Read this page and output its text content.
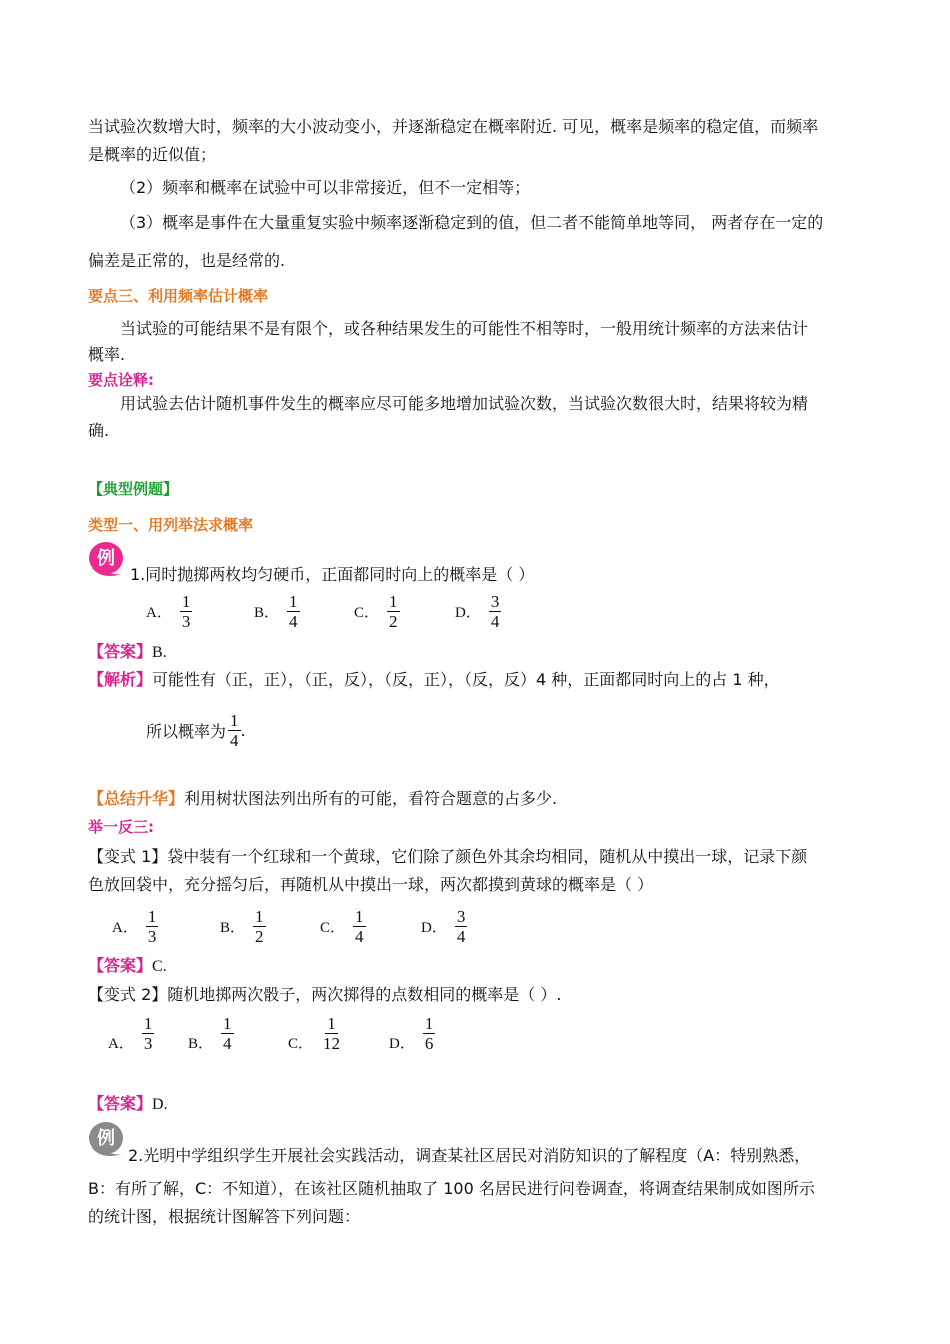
当试验次数增大时，频率的大小波动变小，并逐渐稳定在概率附近. 可见，概率是频率的稳定值，而频率
是概率的近似值；
（2）频率和概率在试验中可以非常接近，但不一定相等；
（3）概率是事件在大量重复实验中频率逐渐稳定到的值，但二者不能简单地等同， 两者存在一定的
偏差是正常的，也是经常的.
要点三、利用频率估计概率
当试验的可能结果不是有限个，或各种结果发生的可能性不相等时，一般用统计频率的方法来估计
概率.
要点诠释:
用试验去估计随机事件发生的概率应尽可能多地增加试验次数，当试验次数很大时，结果将较为精
确.
【典型例题】
类型一、用列举法求概率
例
1.同时抛掷两枚均匀硬币，正面都同时向上的概率是（ ）
A． $\frac{1}{3}$	B． $\frac{1}{4}$	C． $\frac{1}{2}$	D． $\frac{3}{4}$
【答案】B.
【解析】可能性有（正，正），（正，反），（反，正），（反，反）4 种，正面都同时向上的占 1 种，
所以概率为 $\frac{1}{4}$ .
【总结升华】利用树状图法列出所有的可能，看符合题意的占多少.
举一反三:
【变式 1】袋中装有一个红球和一个黄球，它们除了颜色外其余均相同，随机从中摸出一球，记录下颜
色放回袋中，充分摇匀后，再随机从中摸出一球，两次都摸到黄球的概率是（ ）
A． $\frac{1}{3}$	B． $\frac{1}{2}$	C． $\frac{1}{4}$	D． $\frac{3}{4}$
【答案】C.
【变式 2】随机地掷两次骰子，两次掷得的点数相同的概率是（ ）.
A． $\frac{1}{3}$ B． $\frac{1}{4}$	C． $\frac{1}{12}$	D． $\frac{1}{6}$
【答案】D.
例
2.光明中学组织学生开展社会实践活动，调查某社区居民对消防知识的了解程度（A：特别熟悉，
B：有所了解，C：不知道），在该社区随机抽取了 100 名居民进行问卷调查，将调查结果制成如图所示
的统计图，根据统计图解答下列问题：
